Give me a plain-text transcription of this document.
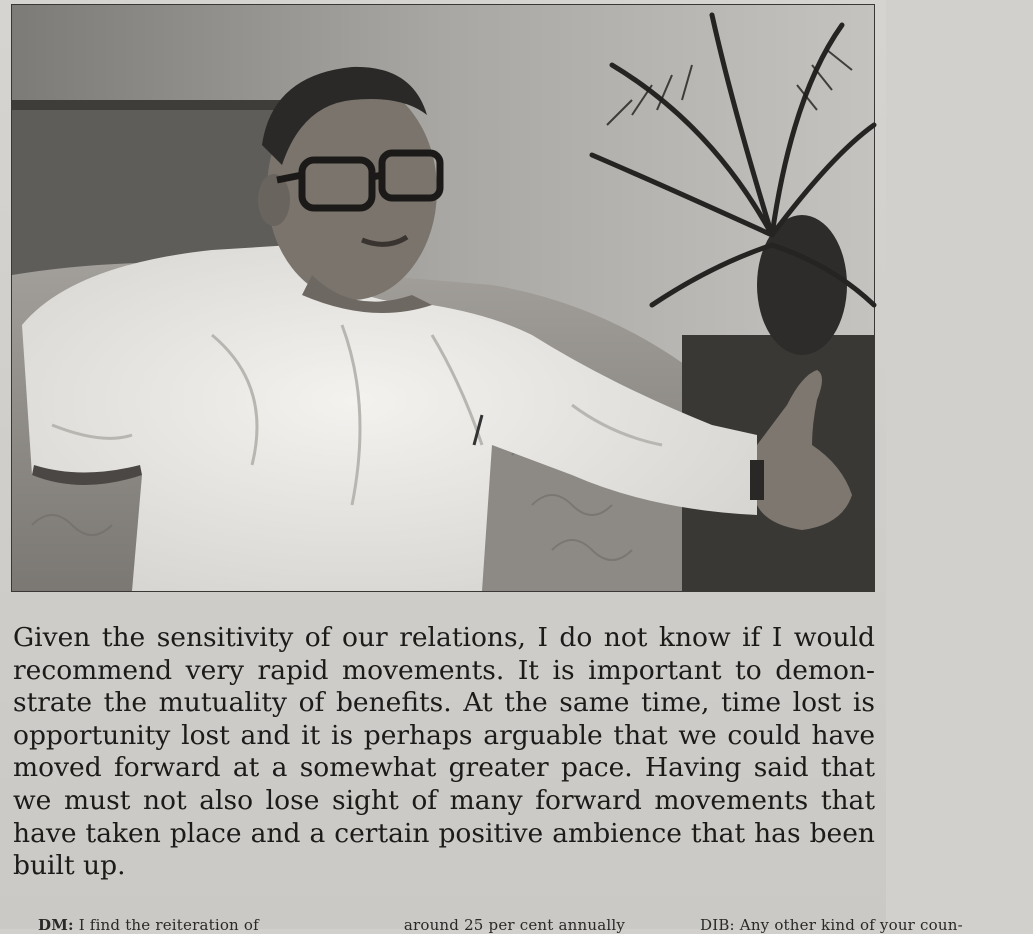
Given the sensitivity of our relations, I do not know if I would recommend very rapid movements. It is important to demonstrate the mutuality of benefits. At the same time, time lost is opportunity lost and it is perhaps arguable that we could have moved forward at a somewhat greater pace. Having said that we must not also lose sight of many forward movements that have taken place and a certain positive ambience that has been built up.

DM: I find the reiteration of	around 25 per cent annually	DIB: Any other kind of your coun-
